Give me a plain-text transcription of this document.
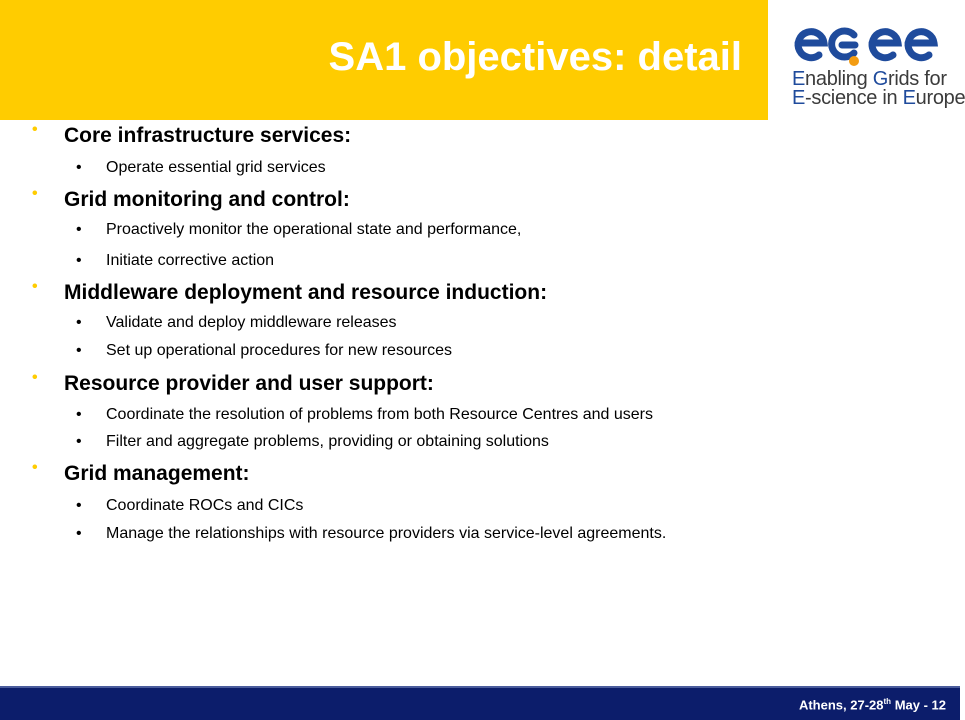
SA1 objectives: detail	Enabling Grids for
E-science in Europe
• Core infrastructure services:
• Operate essential grid services
• Grid monitoring and control:
• Proactively monitor the operational state and performance,
• Initiate corrective action
• Middleware deployment and resource induction:
• Validate and deploy middleware releases
• Set up operational procedures for new resources
• Resource provider and user support:
• Coordinate the resolution of problems from both Resource Centres and users
• Filter and aggregate problems, providing or obtaining solutions
• Grid management:
• Coordinate ROCs and CICs
• Manage the relationships with resource providers via service-level agreements.
Athens, 27-28th May - 12
